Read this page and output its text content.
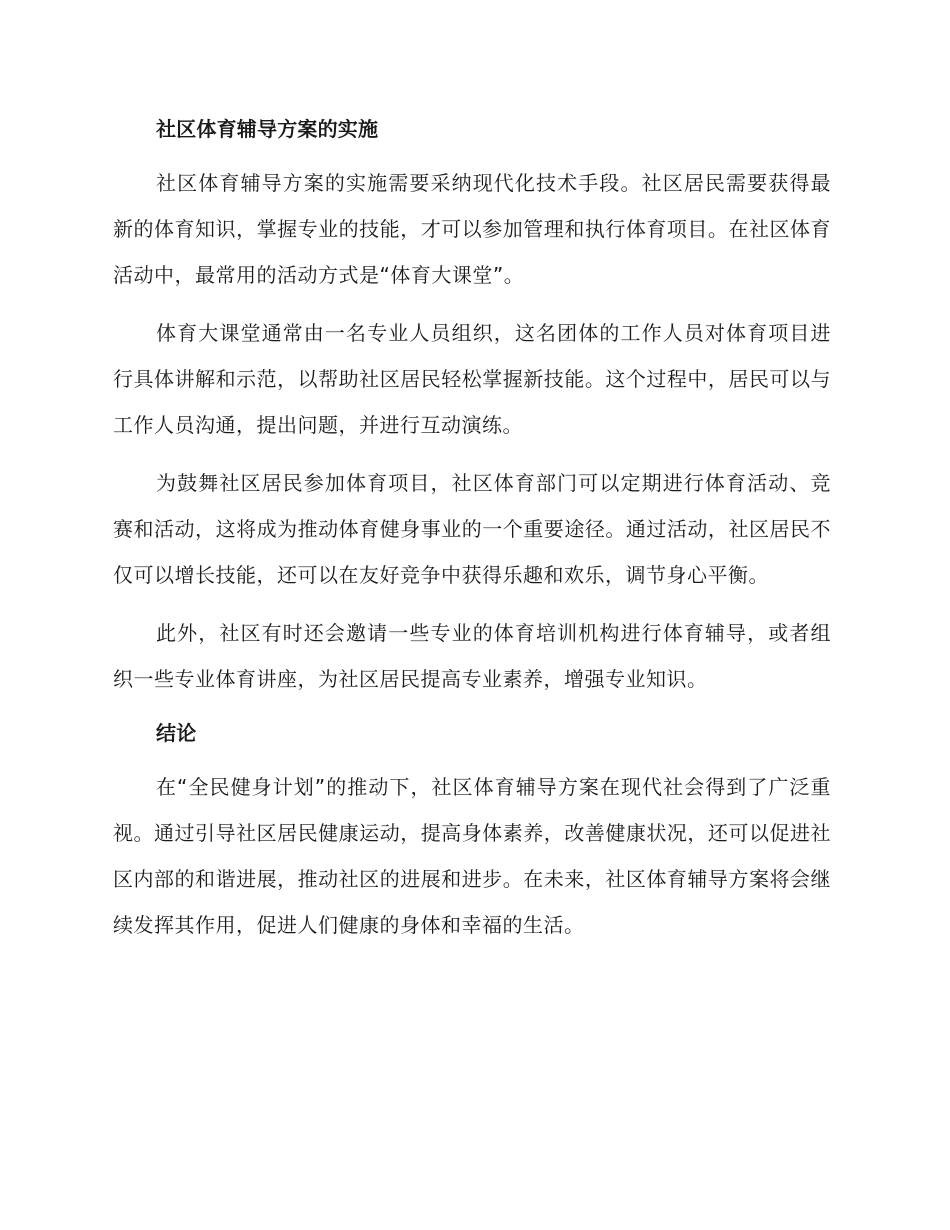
社区体育辅导方案的实施

社区体育辅导方案的实施需要采纳现代化技术手段。社区居民需要获得最新的体育知识，掌握专业的技能，才可以参加管理和执行体育项目。在社区体育活动中，最常用的活动方式是“体育大课堂”。

体育大课堂通常由一名专业人员组织，这名团体的工作人员对体育项目进行具体讲解和示范，以帮助社区居民轻松掌握新技能。这个过程中，居民可以与工作人员沟通，提出问题，并进行互动演练。

为鼓舞社区居民参加体育项目，社区体育部门可以定期进行体育活动、竞赛和活动，这将成为推动体育健身事业的一个重要途径。通过活动，社区居民不仅可以增长技能，还可以在友好竞争中获得乐趣和欢乐，调节身心平衡。

此外，社区有时还会邀请一些专业的体育培训机构进行体育辅导，或者组织一些专业体育讲座，为社区居民提高专业素养，增强专业知识。

结论

在“全民健身计划”的推动下，社区体育辅导方案在现代社会得到了广泛重视。通过引导社区居民健康运动，提高身体素养，改善健康状况，还可以促进社区内部的和谐进展，推动社区的进展和进步。在未来，社区体育辅导方案将会继续发挥其作用，促进人们健康的身体和幸福的生活。
